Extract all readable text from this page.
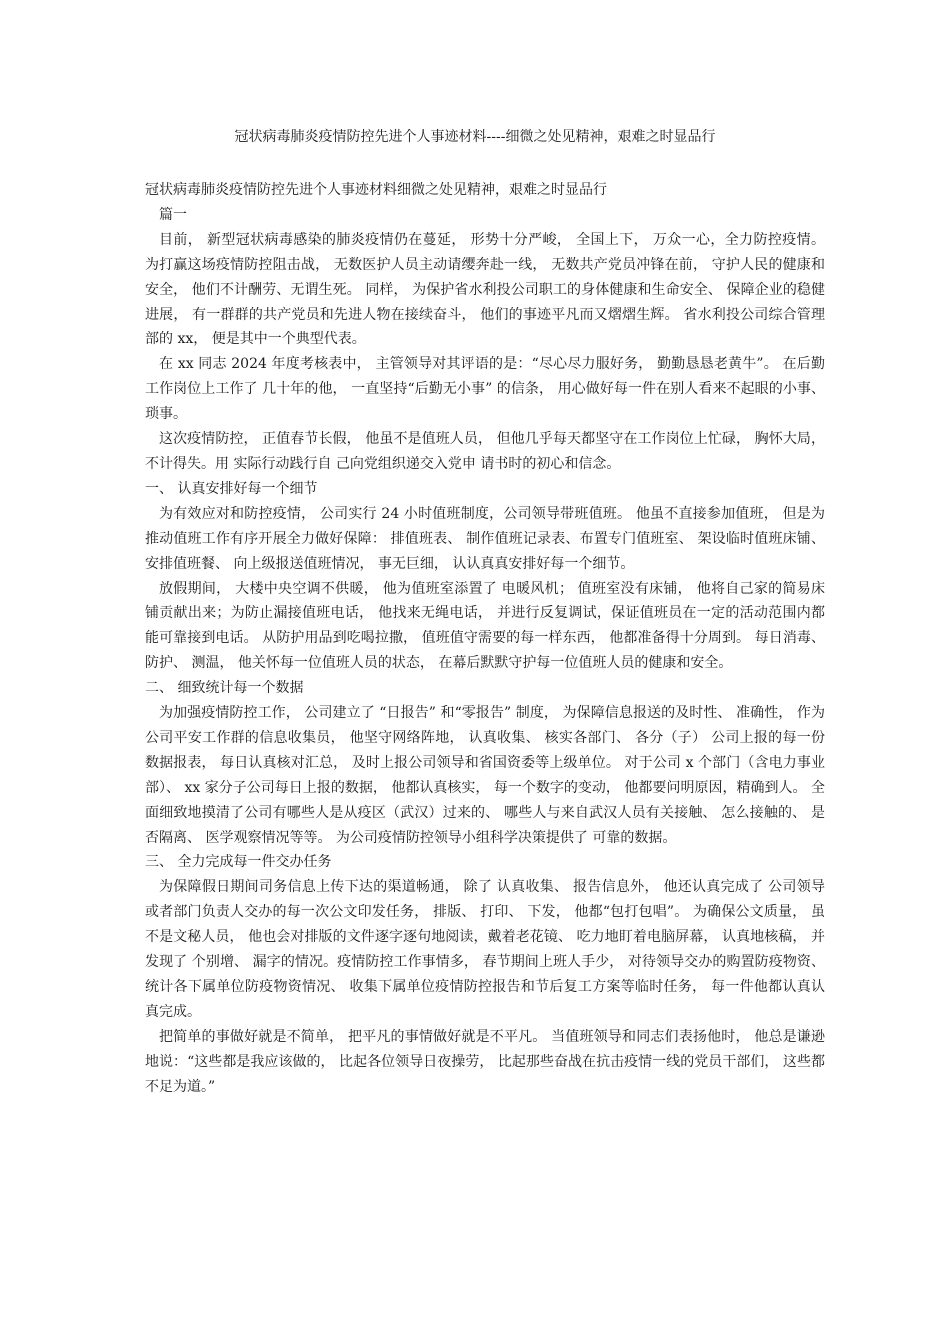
冠状病毒肺炎疫情防控先进个人事迹材料----细微之处见精神，艰难之时显品行

冠状病毒肺炎疫情防控先进个人事迹材料细微之处见精神，艰难之时显品行

篇一

目前， 新型冠状病毒感染的肺炎疫情仍在蔓延， 形势十分严峻， 全国上下， 万众一心，全力防控疫情。 为打赢这场疫情防控阻击战， 无数医护人员主动请缨奔赴一线， 无数共产党员冲锋在前， 守护人民的健康和安全， 他们不计酬劳、无谓生死。 同样， 为保护省水利投公司职工的身体健康和生命安全、 保障企业的稳健进展， 有一群群的共产党员和先进人物在接续奋斗， 他们的事迹平凡而又熠熠生辉。 省水利投公司综合管理部的 xx， 便是其中一个典型代表。

在 xx 同志 2024 年度考核表中， 主管领导对其评语的是：“尽心尽力服好务， 勤勤恳恳老黄牛”。 在后勤工作岗位上工作了 几十年的他， 一直坚持“后勤无小事” 的信条， 用心做好每一件在别人看来不起眼的小事、 琐事。

这次疫情防控， 正值春节长假， 他虽不是值班人员， 但他几乎每天都坚守在工作岗位上忙碌， 胸怀大局， 不计得失。用 实际行动践行自 己向党组织递交入党申 请书时的初心和信念。

一、 认真安排好每一个细节

为有效应对和防控疫情， 公司实行 24 小时值班制度，公司领导带班值班。 他虽不直接参加值班， 但是为推动值班工作有序开展全力做好保障： 排值班表、 制作值班记录表、布置专门值班室、 架设临时值班床铺、 安排值班餐、 向上级报送值班情况， 事无巨细， 认认真真安排好每一个细节。

放假期间， 大楼中央空调不供暖， 他为值班室添置了 电暖风机； 值班室没有床铺， 他将自己家的简易床铺贡献出来；为防止漏接值班电话， 他找来无绳电话， 并进行反复调试，保证值班员在一定的活动范围内都能可靠接到电话。 从防护用品到吃喝拉撒， 值班值守需要的每一样东西， 他都准备得十分周到。 每日消毒、 防护、 测温， 他关怀每一位值班人员的状态， 在幕后默默守护每一位值班人员的健康和安全。

二、 细致统计每一个数据

为加强疫情防控工作， 公司建立了 “日报告” 和“零报告” 制度， 为保障信息报送的及时性、 准确性， 作为公司平安工作群的信息收集员， 他坚守网络阵地， 认真收集、 核实各部门、 各分（子） 公司上报的每一份数据报表， 每日认真核对汇总， 及时上报公司领导和省国资委等上级单位。 对于公司 x 个部门（含电力事业部）、 xx 家分子公司每日上报的数据， 他都认真核实， 每一个数字的变动， 他都要问明原因，精确到人。 全面细致地摸清了公司有哪些人是从疫区（武汉）过来的、 哪些人与来自武汉人员有关接触、 怎么接触的、 是否隔离、 医学观察情况等等。 为公司疫情防控领导小组科学决策提供了 可靠的数据。

三、 全力完成每一件交办任务

为保障假日期间司务信息上传下达的渠道畅通， 除了 认真收集、 报告信息外， 他还认真完成了 公司领导或者部门负责人交办的每一次公文印发任务， 排版、 打印、 下发， 他都“包打包唱”。 为确保公文质量， 虽不是文秘人员， 他也会对排版的文件逐字逐句地阅读，戴着老花镜、 吃力地盯着电脑屏幕， 认真地核稿， 并发现了 个别增、 漏字的情况。疫情防控工作事情多， 春节期间上班人手少， 对待领导交办的购置防疫物资、 统计各下属单位防疫物资情况、 收集下属单位疫情防控报告和节后复工方案等临时任务， 每一件他都认真认真完成。

把简单的事做好就是不简单， 把平凡的事情做好就是不平凡。 当值班领导和同志们表扬他时， 他总是谦逊地说：“这些都是我应该做的， 比起各位领导日夜操劳， 比起那些奋战在抗击疫情一线的党员干部们， 这些都不足为道。”
